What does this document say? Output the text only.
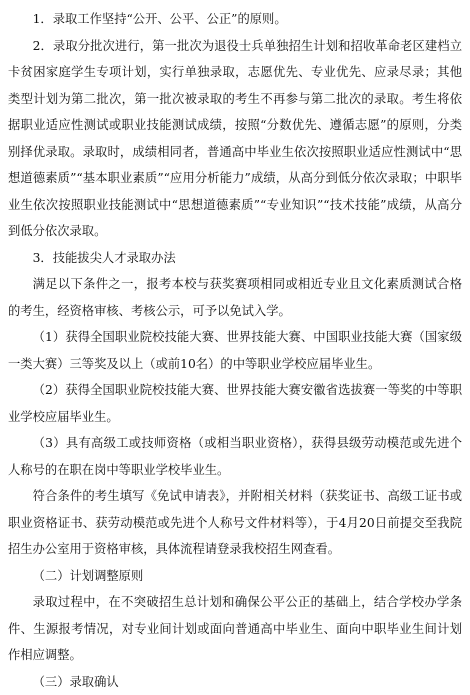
1．录取工作坚持“公开、公平、公正”的原则。

2．录取分批次进行，第一批次为退役士兵单独招生计划和招收革命老区建档立卡贫困家庭学生专项计划，实行单独录取，志愿优先、专业优先、应录尽录；其他类型计划为第二批次，第一批次被录取的考生不再参与第二批次的录取。考生将依据职业适应性测试或职业技能测试成绩，按照“分数优先、遵循志愿”的原则，分类别择优录取。录取时，成绩相同者，普通高中毕业生依次按照职业适应性测试中“思想道德素质”“基本职业素质”“应用分析能力”成绩，从高分到低分依次录取；中职毕业生依次按照职业技能测试中“思想道德素质”“专业知识”“技术技能”成绩，从高分到低分依次录取。

3．技能拔尖人才录取办法

满足以下条件之一，报考本校与获奖赛项相同或相近专业且文化素质测试合格的考生，经资格审核、考核公示，可予以免试入学。

（1）获得全国职业院校技能大赛、世界技能大赛、中国职业技能大赛（国家级一类大赛）三等奖及以上（或前10名）的中等职业学校应届毕业生。

（2）获得全国职业院校技能大赛、世界技能大赛安徽省选拔赛一等奖的中等职业学校应届毕业生。

（3）具有高级工或技师资格（或相当职业资格），获得县级劳动模范或先进个人称号的在职在岗中等职业学校毕业生。

符合条件的考生填写《免试申请表》，并附相关材料（获奖证书、高级工证书或职业资格证书、获劳动模范或先进个人称号文件材料等），于4月20日前提交至我院招生办公室用于资格审核，具体流程请登录我校招生网查看。

（二）计划调整原则

录取过程中，在不突破招生总计划和确保公平公正的基础上，结合学校办学条件、生源报考情况，对专业间计划或面向普通高中毕业生、面向中职毕业生间计划作相应调整。

（三）录取确认
